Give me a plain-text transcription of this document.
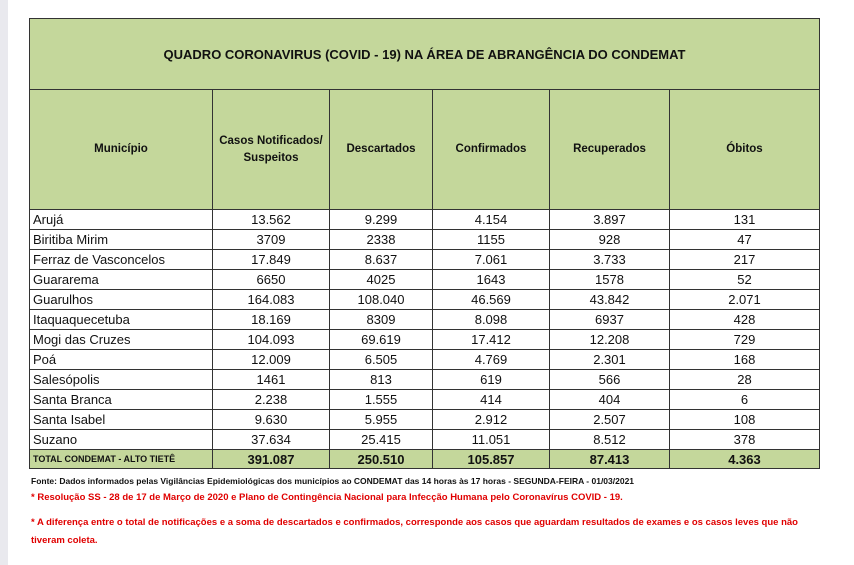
QUADRO CORONAVIRUS (COVID - 19) NA ÁREA DE ABRANGÊNCIA DO CONDEMAT					
Município	Casos Notificados/ Suspeitos	Descartados	Confirmados	Recuperados	Óbitos
Arujá	13.562	9.299	4.154	3.897	131
Biritiba Mirim	3709	2338	1155	928	47
Ferraz de Vasconcelos	17.849	8.637	7.061	3.733	217
Guararema	6650	4025	1643	1578	52
Guarulhos	164.083	108.040	46.569	43.842	2.071
Itaquaquecetuba	18.169	8309	8.098	6937	428
Mogi das Cruzes	104.093	69.619	17.412	12.208	729
Poá	12.009	6.505	4.769	2.301	168
Salesópolis	1461	813	619	566	28
Santa Branca	2.238	1.555	414	404	6
Santa Isabel	9.630	5.955	2.912	2.507	108
Suzano	37.634	25.415	11.051	8.512	378
TOTAL CONDEMAT - ALTO TIETÊ	391.087	250.510	105.857	87.413	4.363
Fonte: Dados informados pelas Vigilâncias Epidemiológicas dos municípios ao CONDEMAT das 14 horas às 17 horas - SEGUNDA-FEIRA - 01/03/2021
* Resolução SS - 28 de 17 de Março de 2020 e Plano de Contingência Nacional para Infecção Humana pelo Coronavírus COVID - 19.
* A diferença entre o total de notificações e a soma de descartados e confirmados, corresponde aos casos que aguardam resultados de exames e os casos leves que não tiveram coleta.
